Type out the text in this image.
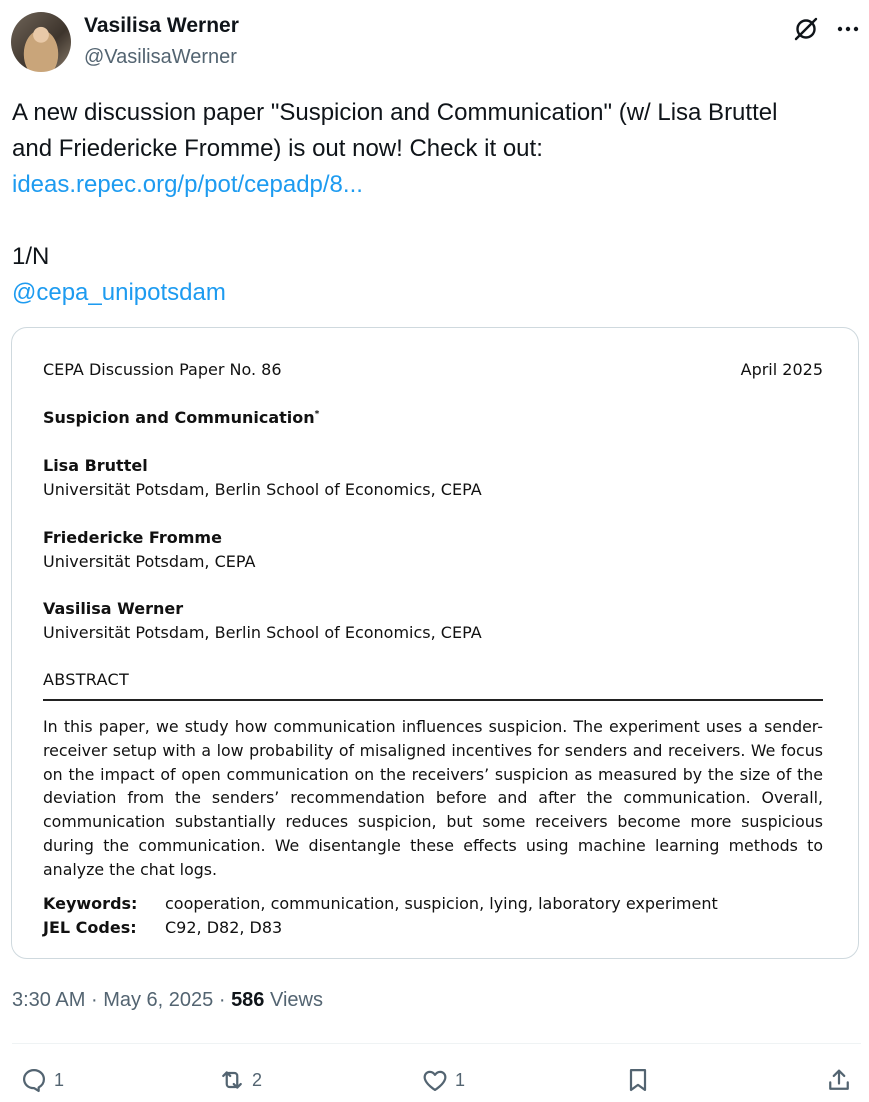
Vasilisa Werner
@VasilisaWerner
A new discussion paper "Suspicion and Communication" (w/ Lisa Bruttel
and Friedericke Fromme) is out now! Check it out:
ideas.repec.org/p/pot/cepadp/8...

1/N
@cepa_unipotsdam
CEPA Discussion Paper No. 86	April 2025
Suspicion and Communication*
Lisa Bruttel
Universität Potsdam, Berlin School of Economics, CEPA
Friedericke Fromme
Universität Potsdam, CEPA
Vasilisa Werner
Universität Potsdam, Berlin School of Economics, CEPA
ABSTRACT
In this paper, we study how communication influences suspicion. The experiment uses a sender-receiver setup with a low probability of misaligned incentives for senders and receivers. We focus on the impact of open communication on the receivers’ suspicion as measured by the size of the deviation from the senders’ recommendation before and after the communication. Overall, communication substantially reduces suspicion, but some receivers become more suspicious during the communication. We disentangle these effects using machine learning methods to analyze the chat logs.
Keywords: cooperation, communication, suspicion, lying, laboratory experiment
JEL Codes: C92, D82, D83
3:30 AM · May 6, 2025 · 586 Views
1	2	1
